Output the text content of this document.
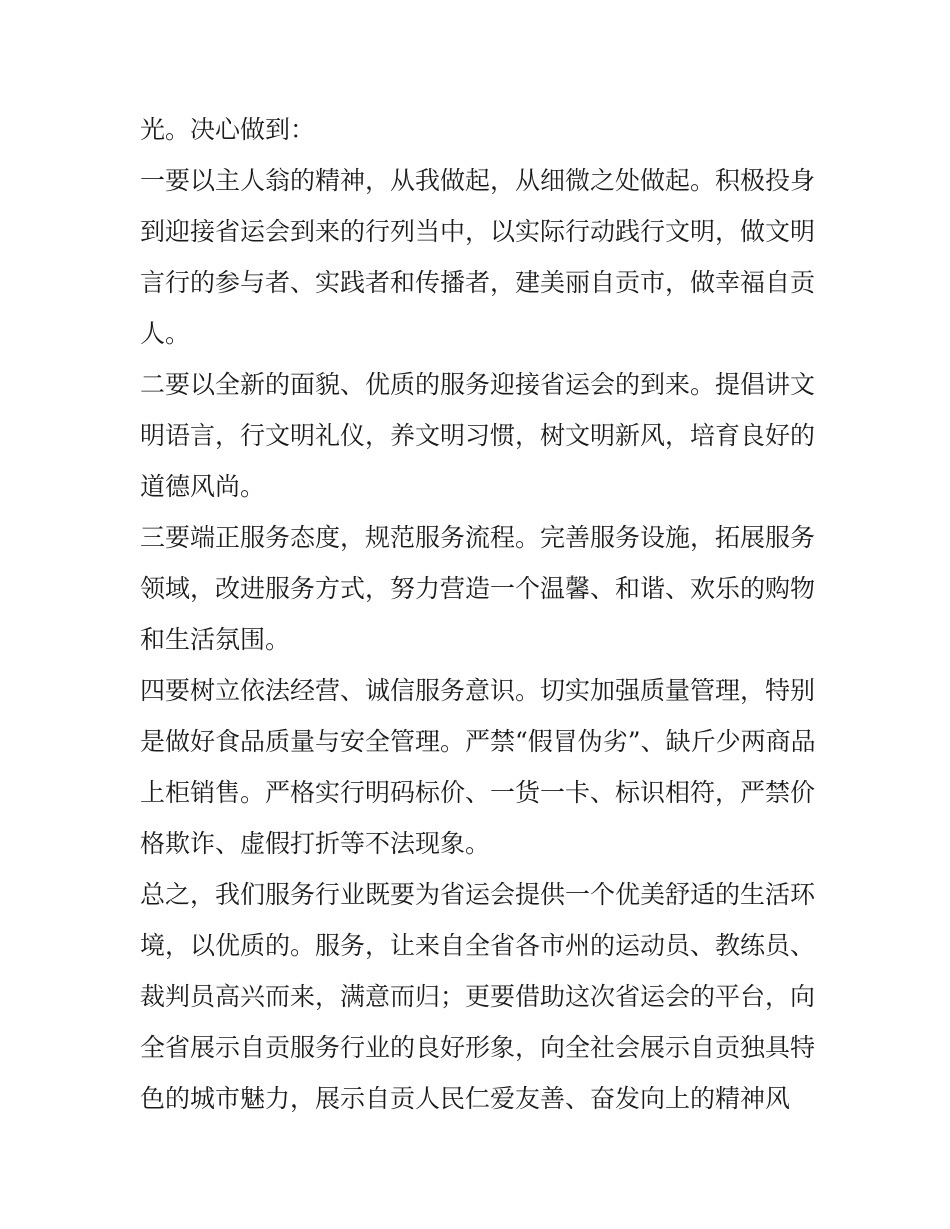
光。决心做到：
一要以主人翁的精神，从我做起，从细微之处做起。积极投身
到迎接省运会到来的行列当中，以实际行动践行文明，做文明
言行的参与者、实践者和传播者，建美丽自贡市，做幸福自贡
人。
二要以全新的面貌、优质的服务迎接省运会的到来。提倡讲文
明语言，行文明礼仪，养文明习惯，树文明新风，培育良好的
道德风尚。
三要端正服务态度，规范服务流程。完善服务设施，拓展服务
领域，改进服务方式，努力营造一个温馨、和谐、欢乐的购物
和生活氛围。
四要树立依法经营、诚信服务意识。切实加强质量管理，特别
是做好食品质量与安全管理。严禁“假冒伪劣”、缺斤少两商品
上柜销售。严格实行明码标价、一货一卡、标识相符，严禁价
格欺诈、虚假打折等不法现象。
总之，我们服务行业既要为省运会提供一个优美舒适的生活环
境，以优质的。服务，让来自全省各市州的运动员、教练员、
裁判员高兴而来，满意而归；更要借助这次省运会的平台，向
全省展示自贡服务行业的良好形象，向全社会展示自贡独具特
色的城市魅力，展示自贡人民仁爱友善、奋发向上的精神风
